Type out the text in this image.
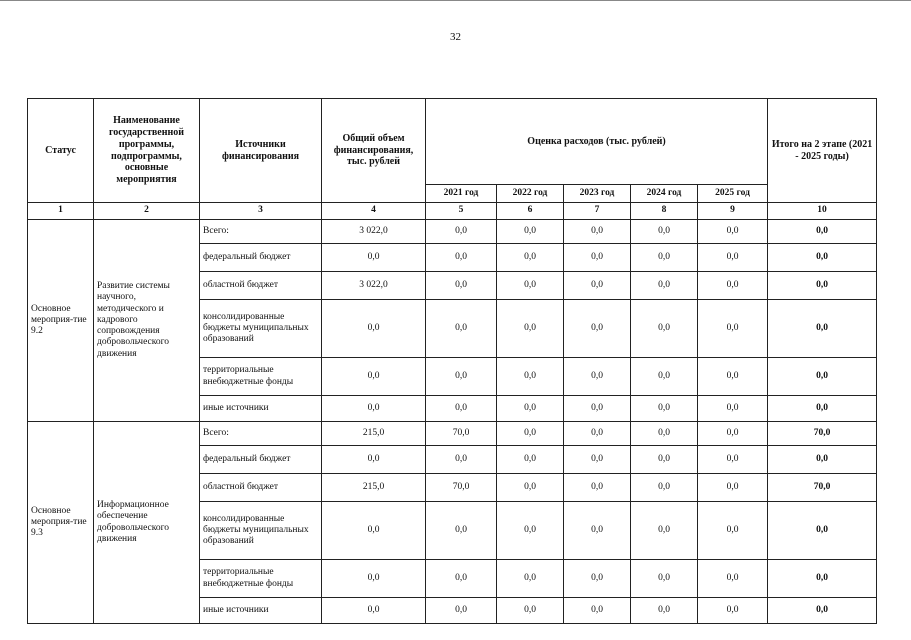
32
Статус	Наименование государственной программы, подпрограммы, основные мероприятия	Источники финансирования	Общий объем финансирования, тыс. рублей	Оценка расходов (тыс. рублей)					Итого на 2 этапе (2021 - 2025 годы)
				2021 год	2022 год	2023 год	2024 год	2025 год	
1	2	3	4	5	6	7	8	9	10
Основное мероприя-тие 9.2	Развитие системы научного, методического и кадрового сопровождения добровольческого движения	Всего:	3 022,0	0,0	0,0	0,0	0,0	0,0	0,0
		федеральный бюджет	0,0	0,0	0,0	0,0	0,0	0,0	0,0
		областной бюджет	3 022,0	0,0	0,0	0,0	0,0	0,0	0,0
		консолидированные бюджеты муниципальных образований	0,0	0,0	0,0	0,0	0,0	0,0	0,0
		территориальные внебюджетные фонды	0,0	0,0	0,0	0,0	0,0	0,0	0,0
		иные источники	0,0	0,0	0,0	0,0	0,0	0,0	0,0
Основное мероприя-тие 9.3	Информационное обеспечение добровольческого движения	Всего:	215,0	70,0	0,0	0,0	0,0	0,0	70,0
		федеральный бюджет	0,0	0,0	0,0	0,0	0,0	0,0	0,0
		областной бюджет	215,0	70,0	0,0	0,0	0,0	0,0	70,0
		консолидированные бюджеты муниципальных образований	0,0	0,0	0,0	0,0	0,0	0,0	0,0
		территориальные внебюджетные фонды	0,0	0,0	0,0	0,0	0,0	0,0	0,0
		иные источники	0,0	0,0	0,0	0,0	0,0	0,0	0,0
